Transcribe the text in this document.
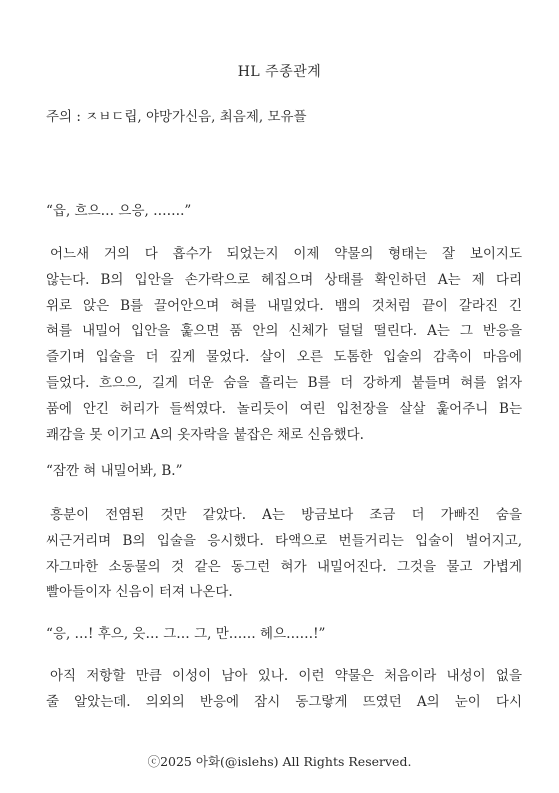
HL 주종관계
주의 : ㅈㅂㄷ립, 야망가신음, 최음제, 모유플
“읍, 흐으… 으응, …….”
어느새 거의 다 흡수가 되었는지 이제 약물의 형태는 잘 보이지도
않는다. B의 입안을 손가락으로 헤집으며 상태를 확인하던 A는 제 다리
위로 앉은 B를 끌어안으며 혀를 내밀었다. 뱀의 것처럼 끝이 갈라진 긴
혀를 내밀어 입안을 훑으면 품 안의 신체가 덜덜 떨린다. A는 그 반응을
즐기며 입술을 더 깊게 물었다. 살이 오른 도톰한 입술의 감촉이 마음에
들었다. 흐으으, 길게 더운 숨을 흘리는 B를 더 강하게 붙들며 혀를 얽자
품에 안긴 허리가 들썩였다. 놀리듯이 여린 입천장을 살살 훑어주니 B는
쾌감을 못 이기고 A의 옷자락을 붙잡은 채로 신음했다.
“잠깐 혀 내밀어봐, B.”
흥분이 전염된 것만 같았다. A는 방금보다 조금 더 가빠진 숨을
씨근거리며 B의 입술을 응시했다. 타액으로 번들거리는 입술이 벌어지고,
자그마한 소동물의 것 같은 동그런 혀가 내밀어진다. 그것을 물고 가볍게
빨아들이자 신음이 터져 나온다.
“응, …! 후으, 읏… 그… 그, 만…… 헤으……!”
아직 저항할 만큼 이성이 남아 있나. 이런 약물은 처음이라 내성이 없을
줄 알았는데. 의외의 반응에 잠시 동그랗게 뜨였던 A의 눈이 다시
ⓒ2025 아화(@islehs) All Rights Reserved.
